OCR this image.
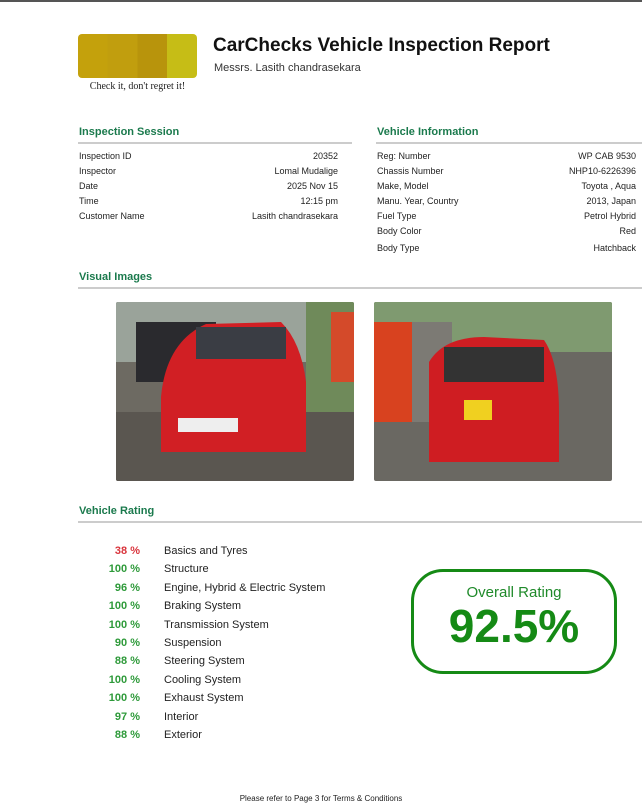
Check it, don't regret it!
CarChecks Vehicle Inspection Report
Messrs. Lasith chandrasekara
Inspection Session
Inspection ID	20352
Inspector	Lomal Mudalige
Date	2025 Nov 15
Time	12:15 pm
Customer Name	Lasith chandrasekara
Vehicle Information
Reg: Number	WP CAB 9530
Chassis Number	NHP10-6226396
Make, Model	Toyota , Aqua
Manu. Year, Country	2013, Japan
Fuel Type	Petrol Hybrid
Body Color	Red
Body Type	Hatchback
Visual Images
Vehicle Rating
38 % Basics and Tyres
100 % Structure
96 % Engine, Hybrid & Electric System
100 % Braking System
100 % Transmission System
90 % Suspension
88 % Steering System
100 % Cooling System
100 % Exhaust System
97 % Interior
88 % Exterior
Overall Rating
92.5%
Please refer to Page 3 for Terms & Conditions
